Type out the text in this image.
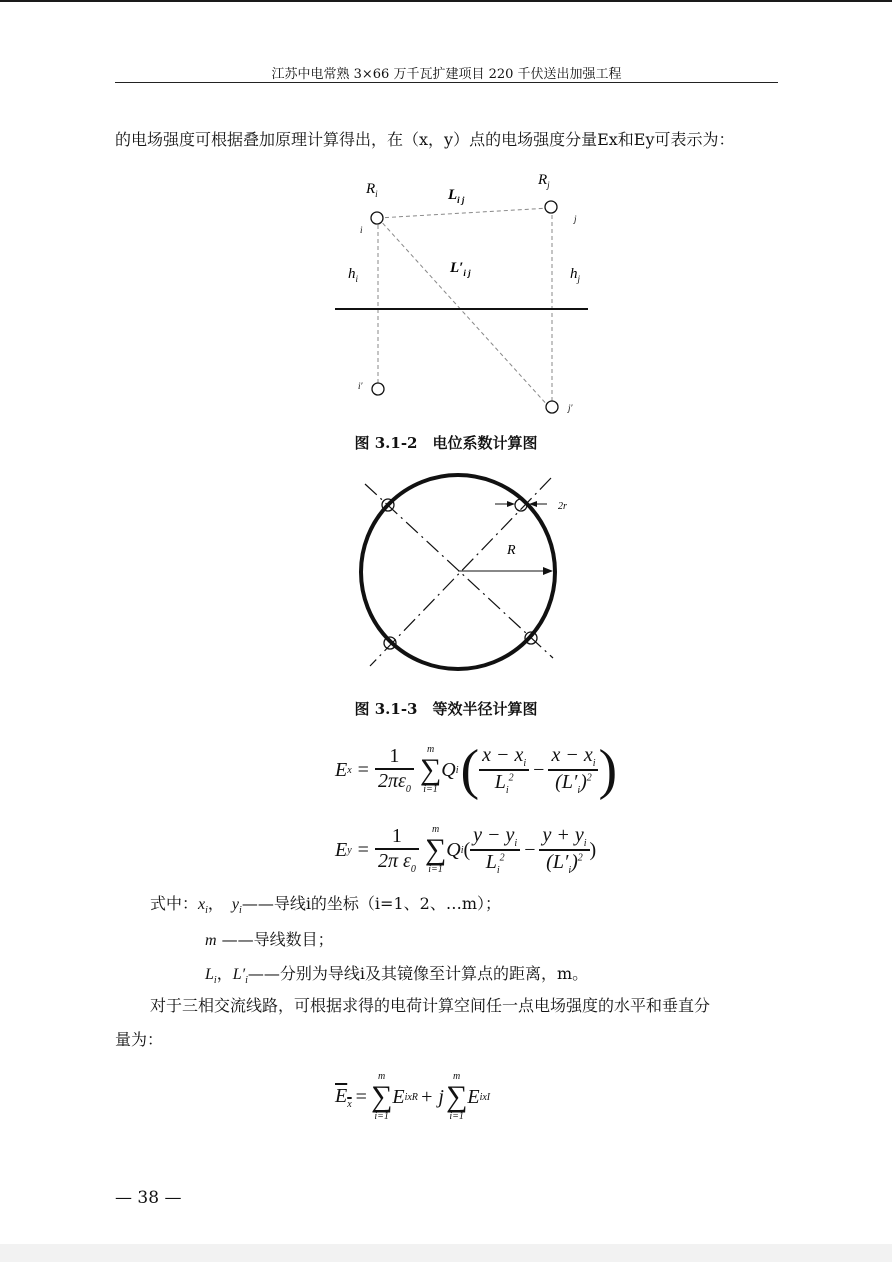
江苏中电常熟 3×66 万千瓦扩建项目 220 千伏送出加强工程
的电场强度可根据叠加原理计算得出，在（x，y）点的电场强度分量Ex和Ey可表示为：
$R_i$
$R_j$
$L_{i j}$
$L'_{i j}$
$h_i$	$h_j$
i
j
i′
j′
图 3.1-2　电位系数计算图
R
2r
图 3.1-3　等效半径计算图
E $x = \frac{1}{2\pi\varepsilon_0}$ m
∑
i=1
Q i ( $\frac{x - x_i}{L_i^2} - \frac{x - x_i}{(L'_i)^2}$ )
E $y = \frac{1}{2\pi \varepsilon_0}$ m
∑
i=1
Q i ( $\frac{y - y_i}{L_i^2} - \frac{y + y_i}{(L'_i)^2}$ )
式中：$x_i$， $y_i——$导线i的坐标（i=1、2、…m）；
m ——导线数目；
$L_i$，$L'_i——$分别为导线i及其镜像至计算点的距离，m。
对于三相交流线路，可根据求得的电荷计算空间任一点电场强度的水平和垂直分
量为：
$E_x$ =
m
∑
i=1
E ixR + j
m
∑
i=1
E ixI
— 38 —
